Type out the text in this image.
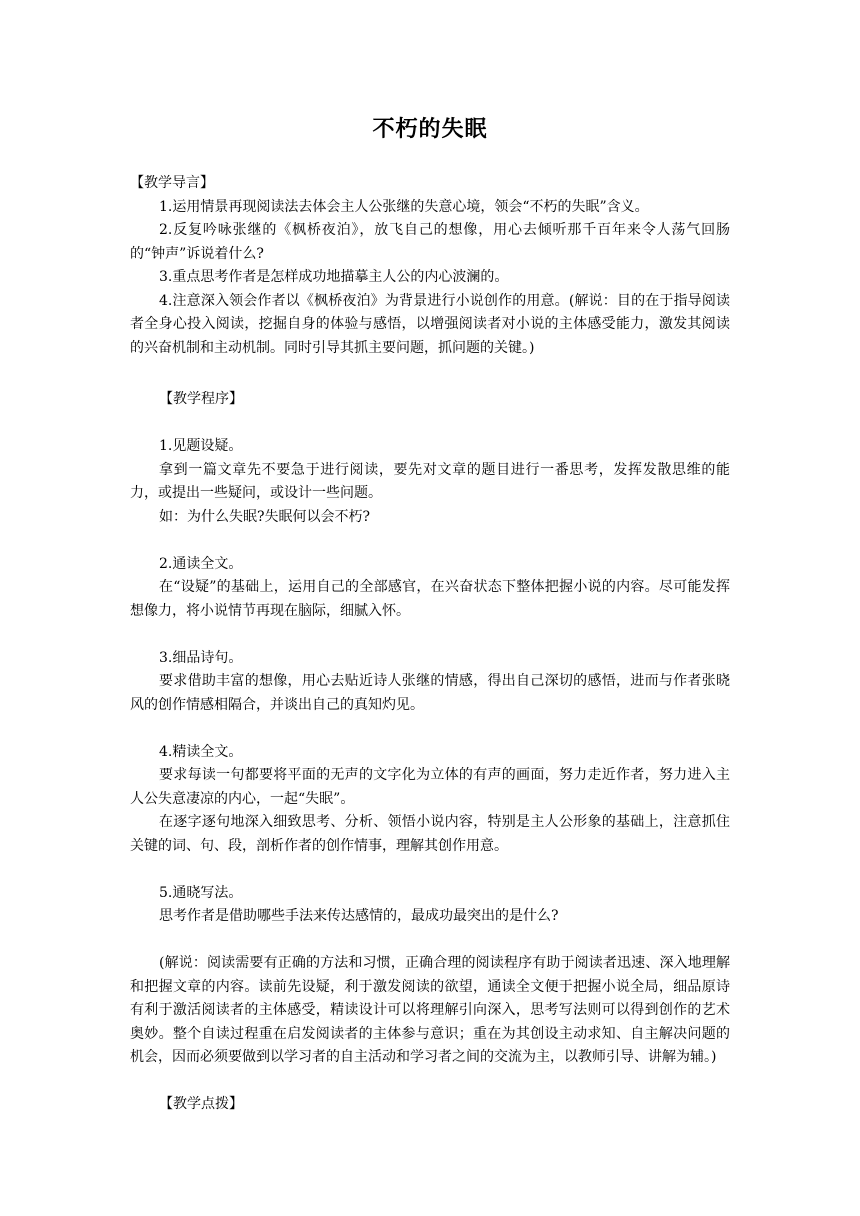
不朽的失眠

【教学导言】

1.运用情景再现阅读法去体会主人公张继的失意心境，领会“不朽的失眠”含义。

2.反复吟咏张继的《枫桥夜泊》，放飞自己的想像，用心去倾听那千百年来令人荡气回肠的“钟声”诉说着什么?

3.重点思考作者是怎样成功地描摹主人公的内心波澜的。

4.注意深入领会作者以《枫桥夜泊》为背景进行小说创作的用意。(解说：目的在于指导阅读者全身心投入阅读，挖掘自身的体验与感悟，以增强阅读者对小说的主体感受能力，激发其阅读的兴奋机制和主动机制。同时引导其抓主要问题，抓问题的关键。)

【教学程序】

1.见题设疑。

拿到一篇文章先不要急于进行阅读，要先对文章的题目进行一番思考，发挥发散思维的能力，或提出一些疑问，或设计一些问题。

如：为什么失眠?失眠何以会不朽?

2.通读全文。

在“设疑”的基础上，运用自己的全部感官，在兴奋状态下整体把握小说的内容。尽可能发挥想像力，将小说情节再现在脑际，细腻入怀。

3.细品诗句。

要求借助丰富的想像，用心去贴近诗人张继的情感，得出自己深切的感悟，进而与作者张晓风的创作情感相隔合，并谈出自己的真知灼见。

4.精读全文。

要求每读一句都要将平面的无声的文字化为立体的有声的画面，努力走近作者，努力进入主人公失意凄凉的内心，一起“失眠”。

在逐字逐句地深入细致思考、分析、领悟小说内容，特别是主人公形象的基础上，注意抓住关键的词、句、段，剖析作者的创作情事，理解其创作用意。

5.通晓写法。

思考作者是借助哪些手法来传达感情的，最成功最突出的是什么?

(解说：阅读需要有正确的方法和习惯，正确合理的阅读程序有助于阅读者迅速、深入地理解和把握文章的内容。读前先设疑，利于激发阅读的欲望，通读全文便于把握小说全局，细品原诗有利于激活阅读者的主体感受，精读设计可以将理解引向深入，思考写法则可以得到创作的艺术奥妙。整个自读过程重在启发阅读者的主体参与意识；重在为其创设主动求知、自主解决问题的机会，因而必须要做到以学习者的自主活动和学习者之间的交流为主，以教师引导、讲解为辅。)

【教学点拨】
